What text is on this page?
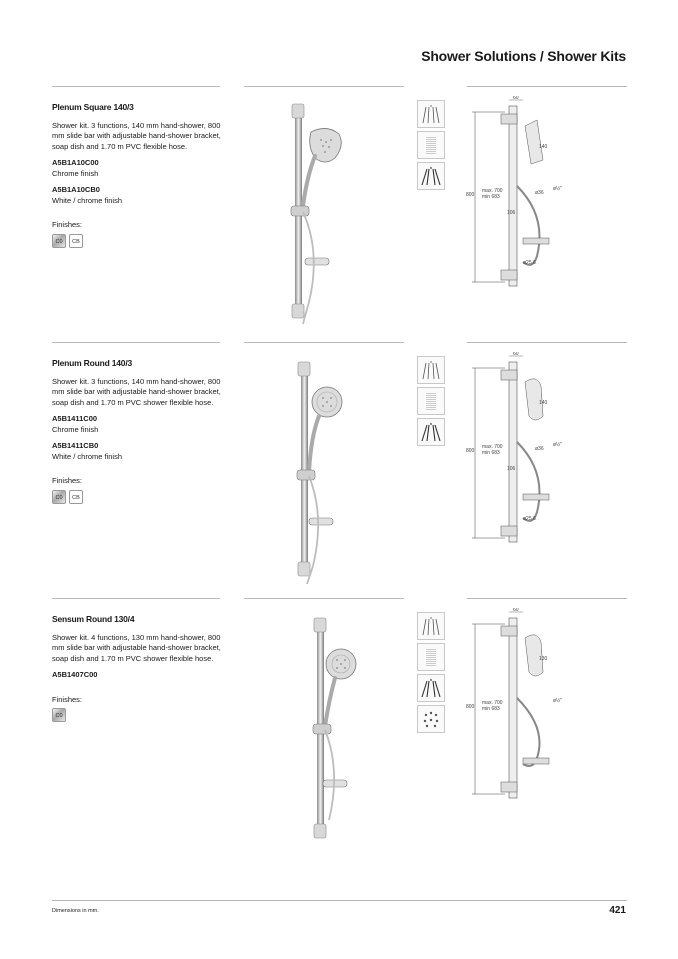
Shower Solutions / Shower Kits
Plenum Square 140/3
Shower kit. 3 functions, 140 mm hand-shower, 800 mm slide bar with adjustable hand-shower bracket, soap dish and 1.70 m PVC flexible hose.
A5B1A10C00
Chrome finish
A5B1A10CB0
White / chrome finish
Finishes:
C0	CB
60
140
800
max. 700
min 683
106
ø36
ø½"
ø25,6
Plenum Round 140/3
Shower kit. 3 functions, 140 mm hand-shower, 800 mm slide bar with adjustable hand-shower bracket, soap dish and 1.70 m PVC shower flexible hose.
A5B1411C00
Chrome finish
A5B1411CB0
White / chrome finish
Finishes:
C0	CB
60
140
800
max. 700
min 683
106
ø36
ø½"
ø25,6
Sensum Round 130/4
Shower kit. 4 functions, 130 mm hand-shower, 800 mm slide bar with adjustable hand-shower bracket, soap dish and 1.70 m PVC shower flexible hose.
A5B1407C00
Finishes:
C0
60
130
800
max. 700
min 683
ø½"
Dimensions in mm.	421
